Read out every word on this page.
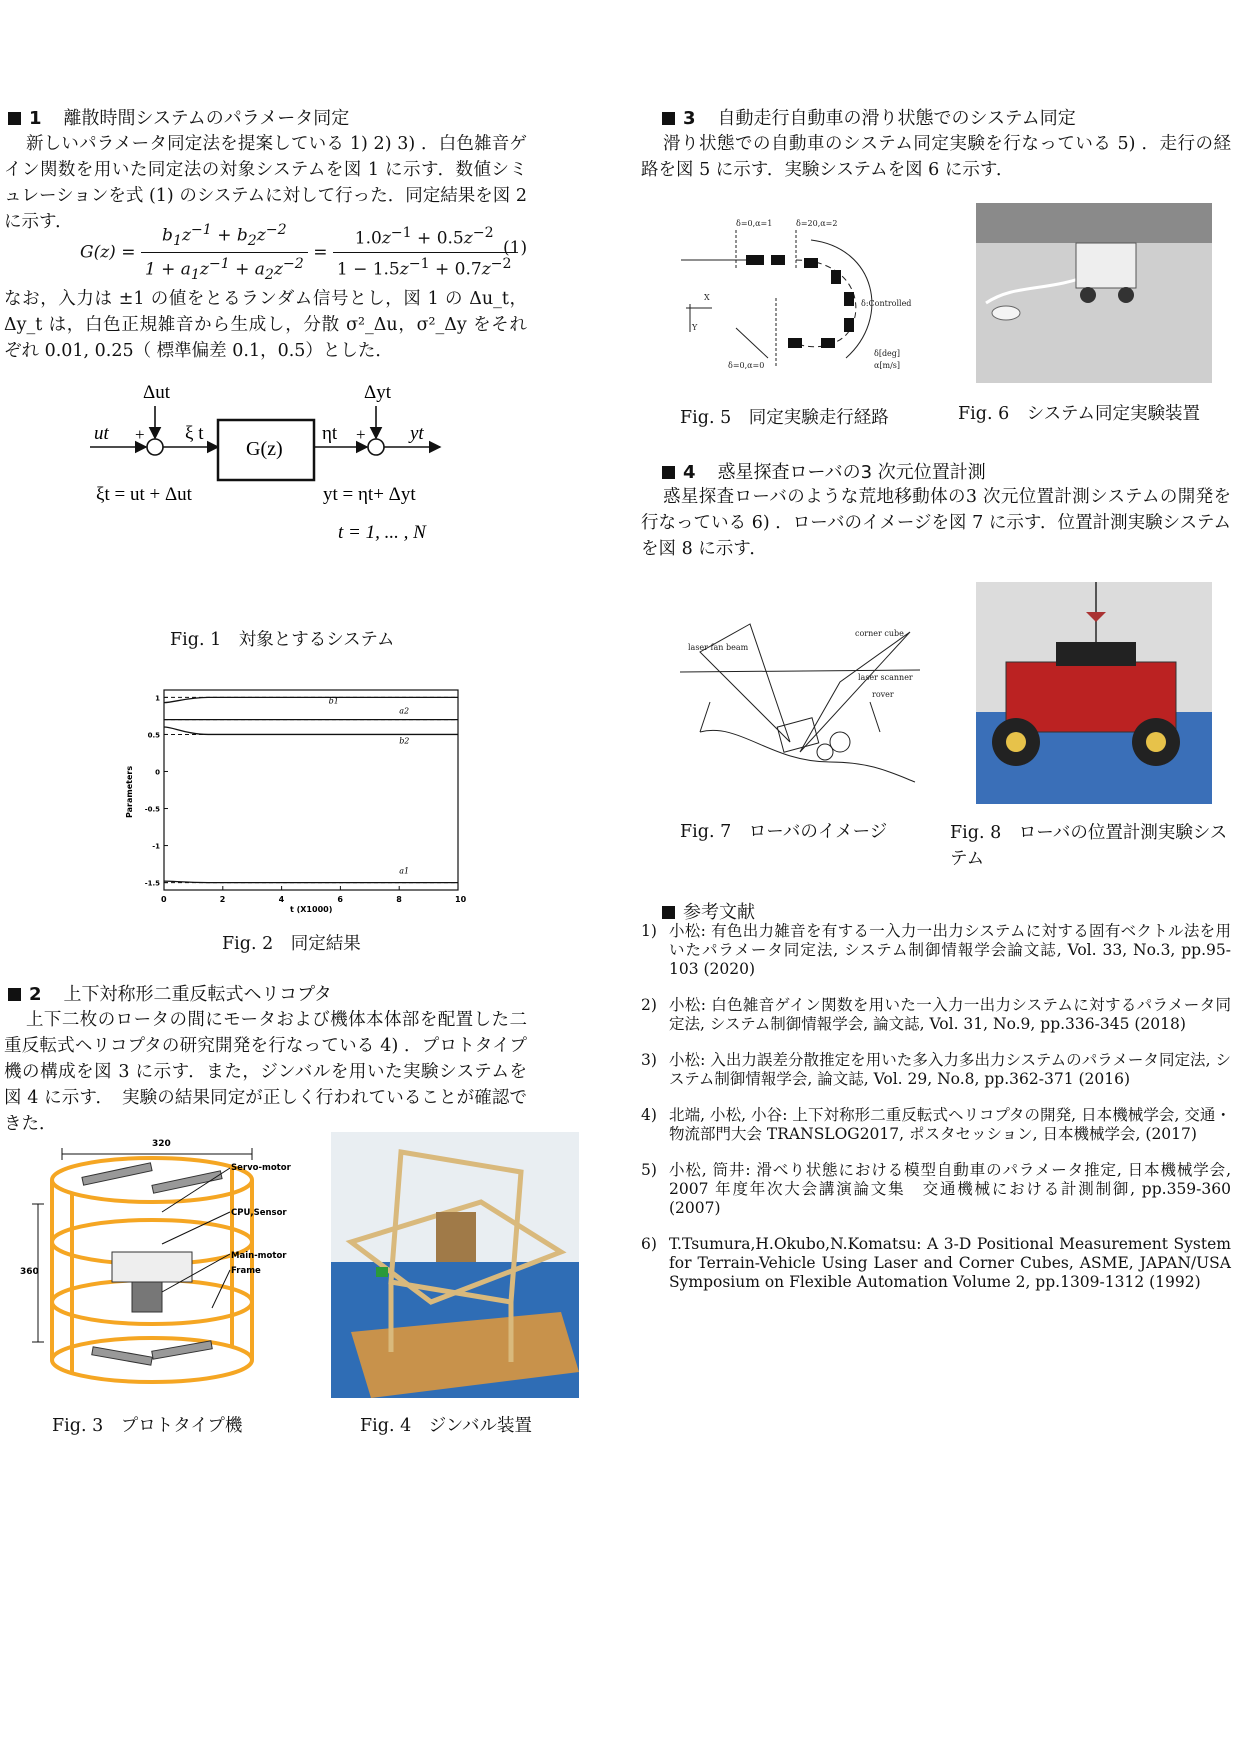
1 離散時間システムのパラメータ同定
新しいパラメータ同定法を提案している 1) 2) 3) ．白色雑音ゲイン関数を用いた同定法の対象システムを図 1 に示す．数値シミュレーションを式 (1) のシステムに対して行った．同定結果を図 2 に示す．
$G(z) = \frac{b_1z^{-1} + b_2z^{-2}}{1 + a_1z^{-1} + a_2z^{-2}} = \frac{1.0z^{-1} + 0.5z^{-2}}{1 - 1.5z^{-1} + 0.7z^{-2}}$
(1)
なお，入力は ±1 の値をとるランダム信号とし，図 1 の Δu_t，Δy_t は，白色正規雑音から生成し，分散 σ²_Δu，σ²_Δy をそれぞれ 0.01, 0.25（ 標準偏差 0.1，0.5）とした．
Δut	Δyt
ut + ξ t
G(z)
ηt + yt
ξt = ut + Δut	yt = ηt+ Δyt
t = 1, ... , N
Fig. 1　対象とするシステム
0	2	4	6	8	10
1
0.5
0
-0.5
-1
-1.5
b1
a2
b2
a1
Parameters
t (X1000)
Fig. 2　同定結果
2 上下対称形二重反転式ヘリコプタ
上下二枚のロータの間にモータおよび機体本体部を配置した二重反転式ヘリコプタの研究開発を行なっている 4) ．プロトタイプ機の構成を図 3 に示す．また，ジンバルを用いた実験システムを図 4 に示す．　実験の結果同定が正しく行われていることが確認できた．
320
360
Servo-motor
CPU,Sensor
Main-motor
Frame
Fig. 3　プロトタイプ機	Fig. 4　ジンバル装置
3 自動走行自動車の滑り状態でのシステム同定
滑り状態での自動車のシステム同定実験を行なっている 5) ．走行の経路を図 5 に示す．実験システムを図 6 に示す．
δ=0,α=1	δ=20,α=2
δ:Controlled
δ[deg]
α[m/s]
δ=0,α=0
X
Y
Fig. 5　同定実験走行経路	Fig. 6　システム同定実験装置
4 惑星探査ローバの3 次元位置計測
惑星探査ローバのような荒地移動体の3 次元位置計測システムの開発を行なっている 6) ．ローバのイメージを図 7 に示す．位置計測実験システムを図 8 に示す．
laser fan beam
corner cube
laser scanner
rover
Fig. 7　ローバのイメージ	Fig. 8　ローバの位置計測実験システム
参考文献
1) 小松: 有色出力雑音を有する一入力一出力システムに対する固有ベクトル法を用いたパラメータ同定法, システム制御情報学会論文誌, Vol. 33, No.3, pp.95-103 (2020)
2) 小松: 白色雑音ゲイン関数を用いた一入力一出力システムに対するパラメータ同定法, システム制御情報学会, 論文誌, Vol. 31, No.9, pp.336-345 (2018)
3) 小松: 入出力誤差分散推定を用いた多入力多出力システムのパラメータ同定法, システム制御情報学会, 論文誌, Vol. 29, No.8, pp.362-371 (2016)
4) 北端, 小松, 小谷: 上下対称形二重反転式ヘリコプタの開発, 日本機械学会, 交通・物流部門大会 TRANSLOG2017, ポスタセッション, 日本機械学会, (2017)
5) 小松, 筒井: 滑べり状態における模型自動車のパラメータ推定, 日本機械学会, 2007 年度年次大会講演論文集　交通機械における計測制御, pp.359-360 (2007)
6) T.Tsumura,H.Okubo,N.Komatsu: A 3-D Positional Measurement System for Terrain-Vehicle Using Laser and Corner Cubes, ASME, JAPAN/USA Symposium on Flexible Automation Volume 2, pp.1309-1312 (1992)
